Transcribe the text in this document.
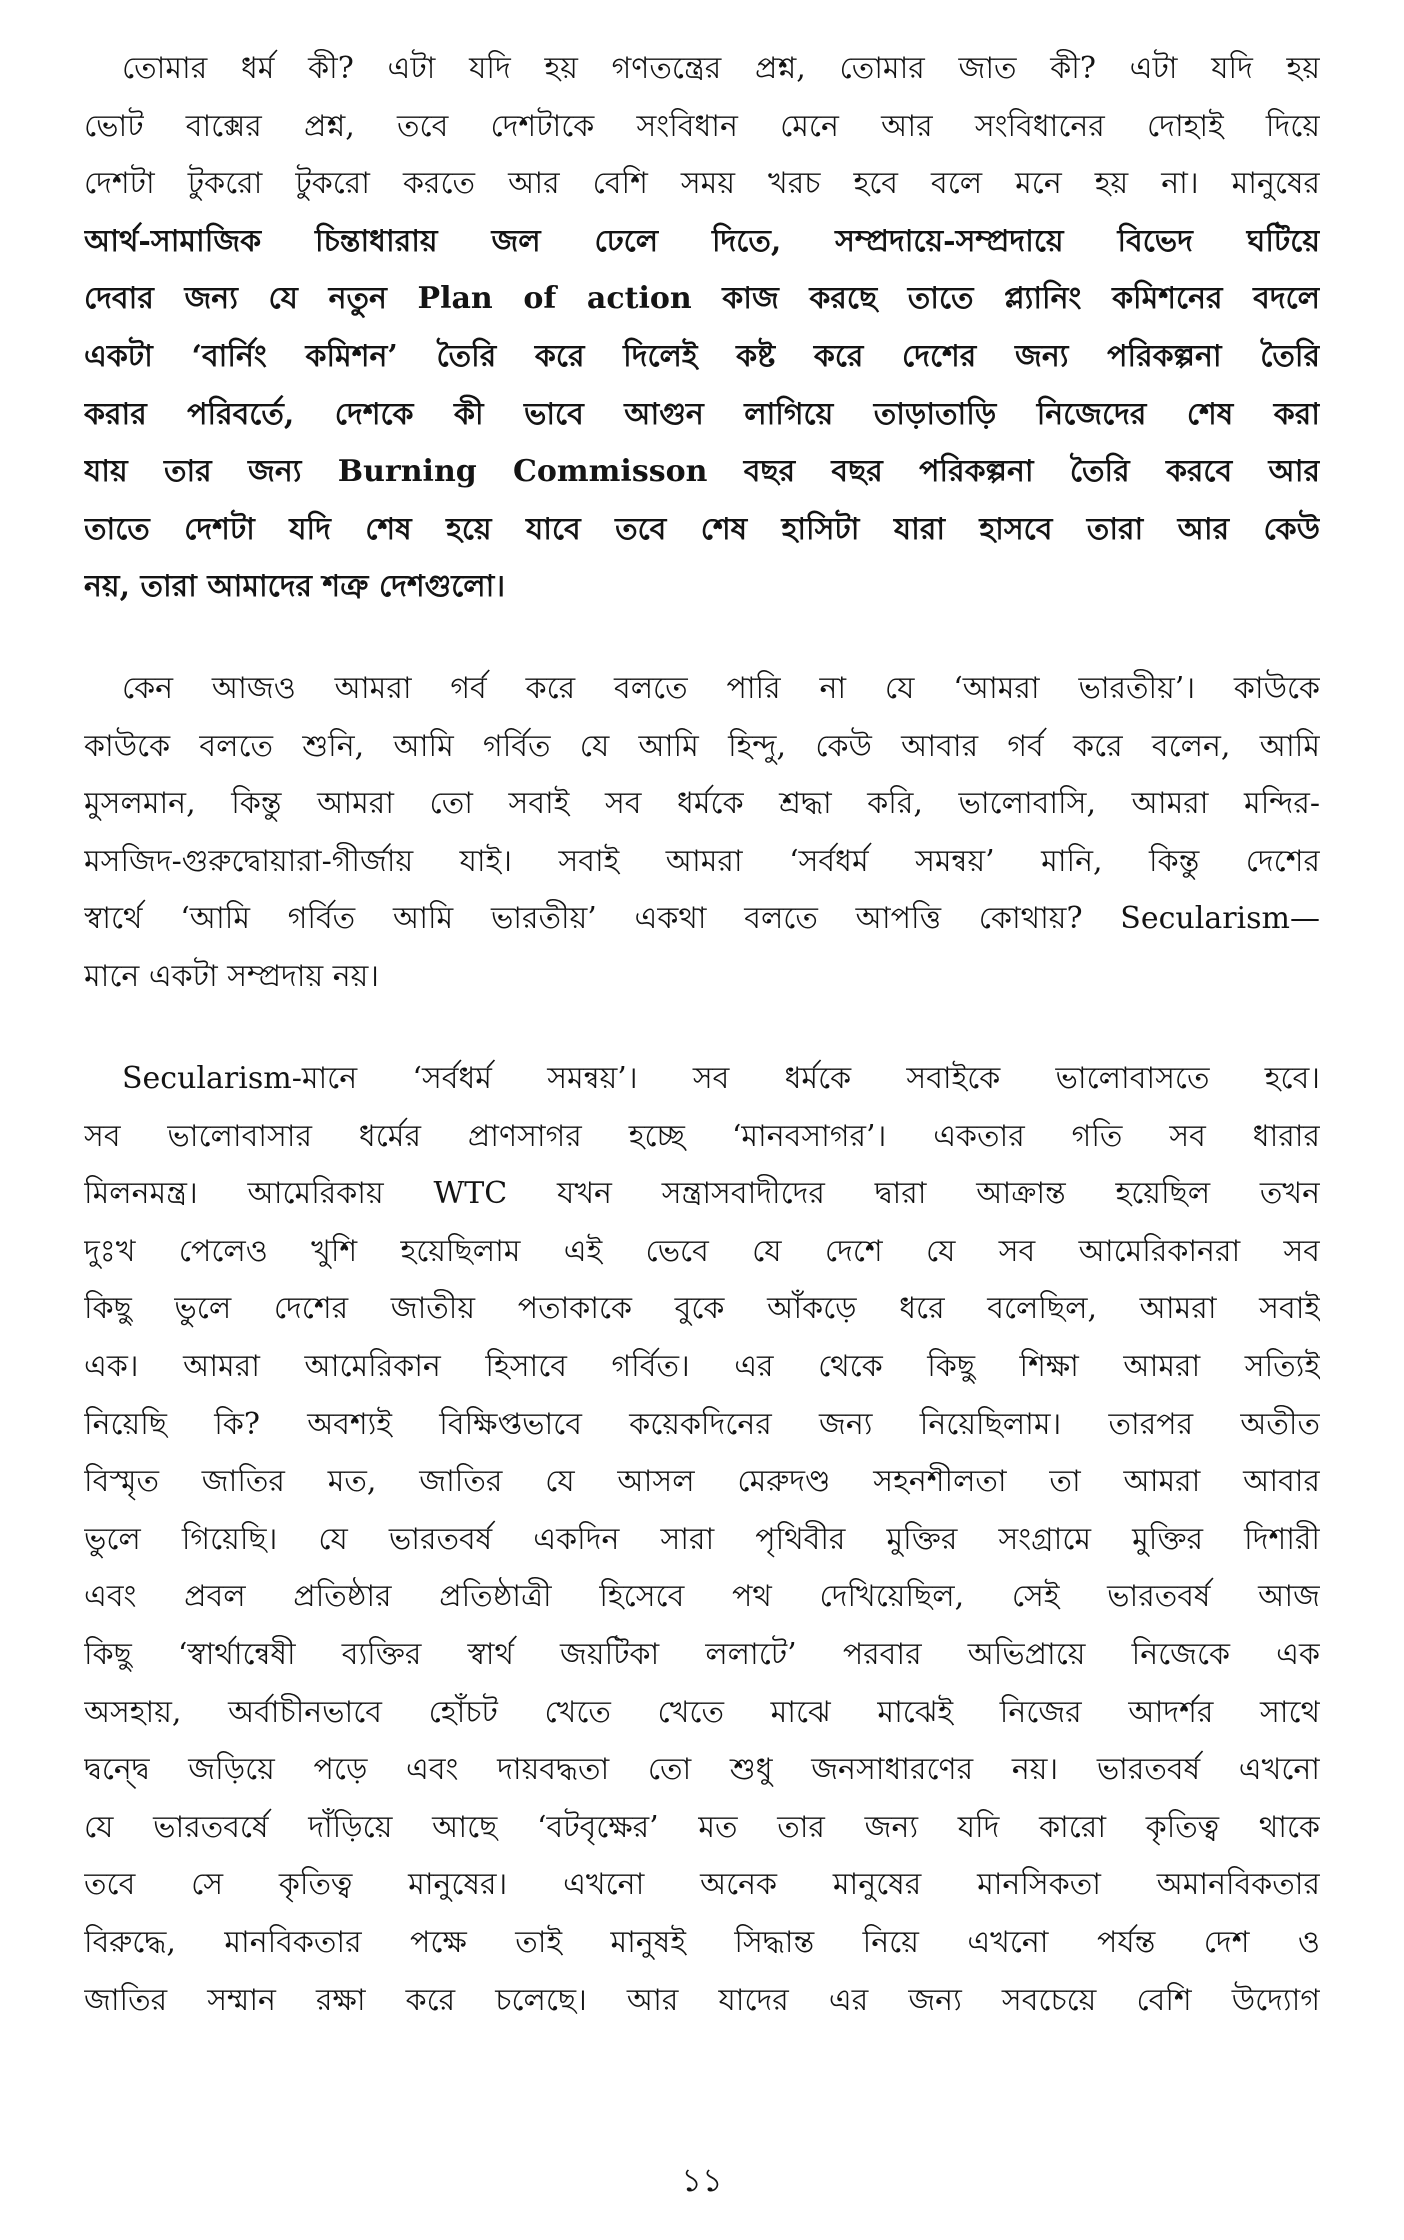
তোমার ধর্ম কী? এটা যদি হয় গণতন্ত্রের প্রশ্ন, তোমার জাত কী? এটা যদি হয়
ভোট বাক্সের প্রশ্ন, তবে দেশটাকে সংবিধান মেনে আর সংবিধানের দোহাই দিয়ে
দেশটা টুকরো টুকরো করতে আর বেশি সময় খরচ হবে বলে মনে হয় না। মানুষের
আর্থ-সামাজিক চিন্তাধারায় জল ঢেলে দিতে, সম্প্রদায়ে-সম্প্রদায়ে বিভেদ ঘটিয়ে
দেবার জন্য যে নতুন Plan of action কাজ করছে তাতে প্ল্যানিং কমিশনের বদলে
একটা ‘বার্নিং কমিশন’ তৈরি করে দিলেই কষ্ট করে দেশের জন্য পরিকল্পনা তৈরি
করার পরিবর্তে, দেশকে কী ভাবে আগুন লাগিয়ে তাড়াতাড়ি নিজেদের শেষ করা
যায় তার জন্য Burning Commisson বছর বছর পরিকল্পনা তৈরি করবে আর
তাতে দেশটা যদি শেষ হয়ে যাবে তবে শেষ হাসিটা যারা হাসবে তারা আর কেউ
নয়, তারা আমাদের শত্রু দেশগুলো।
কেন আজও আমরা গর্ব করে বলতে পারি না যে ‘আমরা ভারতীয়’। কাউকে
কাউকে বলতে শুনি, আমি গর্বিত যে আমি হিন্দু, কেউ আবার গর্ব করে বলেন, আমি
মুসলমান, কিন্তু আমরা তো সবাই সব ধর্মকে শ্রদ্ধা করি, ভালোবাসি, আমরা মন্দির-
মসজিদ-গুরুদ্বোয়ারা-গীর্জায় যাই। সবাই আমরা ‘সর্বধর্ম সমন্বয়’ মানি, কিন্তু দেশের
স্বার্থে ‘আমি গর্বিত আমি ভারতীয়’ একথা বলতে আপত্তি কোথায়? Secularism—
মানে একটা সম্প্রদায় নয়।
Secularism-মানে ‘সর্বধর্ম সমন্বয়’। সব ধর্মকে সবাইকে ভালোবাসতে হবে।
সব ভালোবাসার ধর্মের প্রাণসাগর হচ্ছে ‘মানবসাগর’। একতার গতি সব ধারার
মিলনমন্ত্র। আমেরিকায় WTC যখন সন্ত্রাসবাদীদের দ্বারা আক্রান্ত হয়েছিল তখন
দুঃখ পেলেও খুশি হয়েছিলাম এই ভেবে যে দেশে যে সব আমেরিকানরা সব
কিছু ভুলে দেশের জাতীয় পতাকাকে বুকে আঁকড়ে ধরে বলেছিল, আমরা সবাই
এক। আমরা আমেরিকান হিসাবে গর্বিত। এর থেকে কিছু শিক্ষা আমরা সত্যিই
নিয়েছি কি? অবশ্যই বিক্ষিপ্তভাবে কয়েকদিনের জন্য নিয়েছিলাম। তারপর অতীত
বিস্মৃত জাতির মত, জাতির যে আসল মেরুদণ্ড সহনশীলতা তা আমরা আবার
ভুলে গিয়েছি। যে ভারতবর্ষ একদিন সারা পৃথিবীর মুক্তির সংগ্রামে মুক্তির দিশারী
এবং প্রবল প্রতিষ্ঠার প্রতিষ্ঠাত্রী হিসেবে পথ দেখিয়েছিল, সেই ভারতবর্ষ আজ
কিছু ‘স্বার্থান্বেষী ব্যক্তির স্বার্থ জয়টিকা ললাটে’ পরবার অভিপ্রায়ে নিজেকে এক
অসহায়, অর্বাচীনভাবে হোঁচট খেতে খেতে মাঝে মাঝেই নিজের আদর্শর সাথে
দ্বন্দ্বে জড়িয়ে পড়ে এবং দায়বদ্ধতা তো শুধু জনসাধারণের নয়। ভারতবর্ষ এখনো
যে ভারতবর্ষে দাঁড়িয়ে আছে ‘বটবৃক্ষের’ মত তার জন্য যদি কারো কৃতিত্ব থাকে
তবে সে কৃতিত্ব মানুষের। এখনো অনেক মানুষের মানসিকতা অমানবিকতার
বিরুদ্ধে, মানবিকতার পক্ষে তাই মানুষই সিদ্ধান্ত নিয়ে এখনো পর্যন্ত দেশ ও
জাতির সম্মান রক্ষা করে চলেছে। আর যাদের এর জন্য সবচেয়ে বেশি উদ্যোগ
১১
